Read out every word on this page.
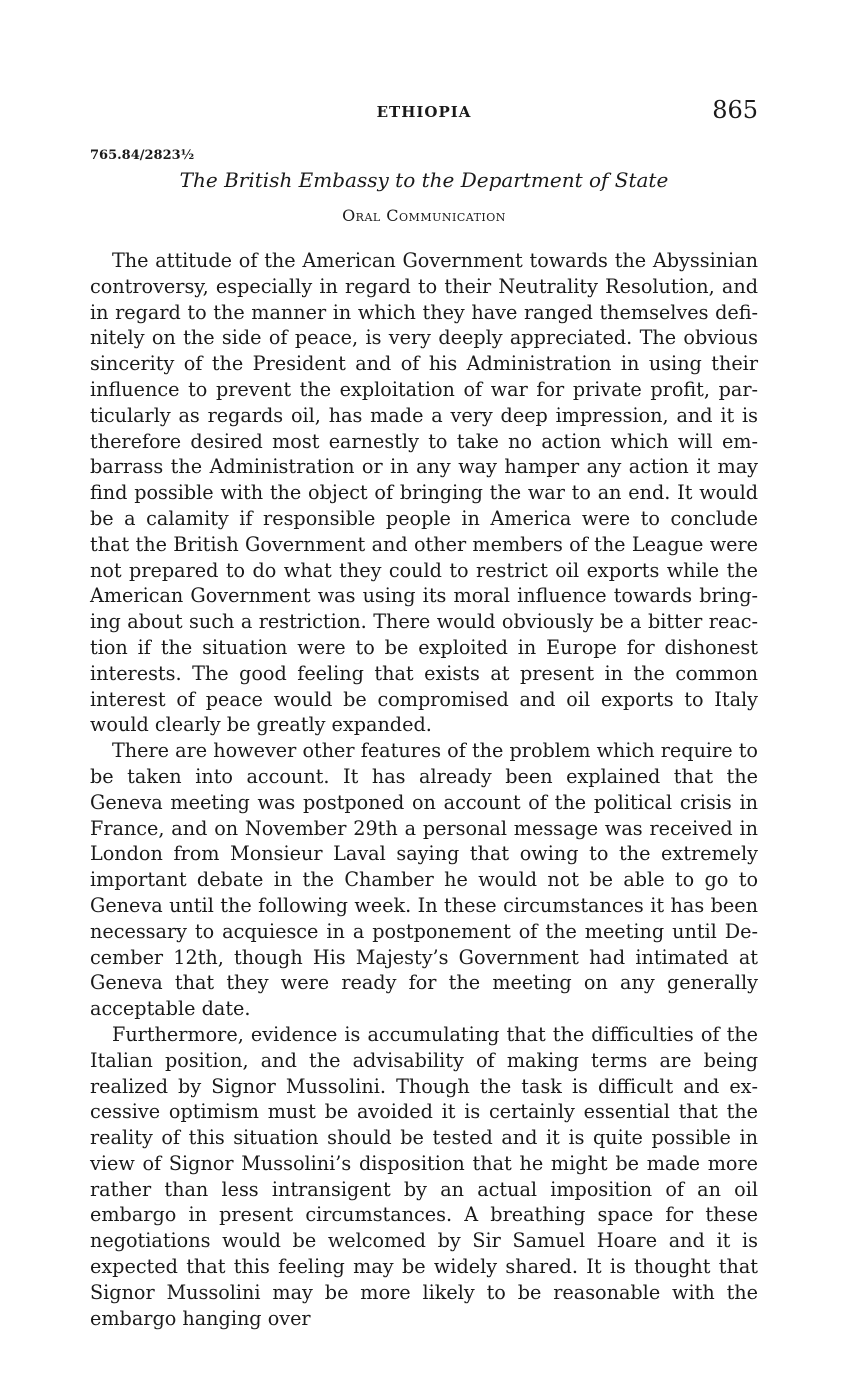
ETHIOPIA	865
765.84/2823½
The British Embassy to the Department of State
Oral Communication

The attitude of the American Government towards the Abyssinian controversy, especially in regard to their Neutrality Resolution, and in regard to the manner in which they have ranged themselves definitely on the side of peace, is very deeply appreciated. The obvious sincerity of the President and of his Administration in using their influence to prevent the exploitation of war for private profit, particularly as regards oil, has made a very deep impression, and it is therefore desired most earnestly to take no action which will embarrass the Administration or in any way hamper any action it may find possible with the object of bringing the war to an end. It would be a calamity if responsible people in America were to conclude that the British Government and other members of the League were not prepared to do what they could to restrict oil exports while the American Government was using its moral influence towards bringing about such a restriction. There would obviously be a bitter reaction if the situation were to be exploited in Europe for dishonest interests. The good feeling that exists at present in the common interest of peace would be compromised and oil exports to Italy would clearly be greatly expanded.

There are however other features of the problem which require to be taken into account. It has already been explained that the Geneva meeting was postponed on account of the political crisis in France, and on November 29th a personal message was received in London from Monsieur Laval saying that owing to the extremely important debate in the Chamber he would not be able to go to Geneva until the following week. In these circumstances it has been necessary to acquiesce in a postponement of the meeting until December 12th, though His Majesty’s Government had intimated at Geneva that they were ready for the meeting on any generally acceptable date.

Furthermore, evidence is accumulating that the difficulties of the Italian position, and the advisability of making terms are being realized by Signor Mussolini. Though the task is difficult and excessive optimism must be avoided it is certainly essential that the reality of this situation should be tested and it is quite possible in view of Signor Mussolini’s disposition that he might be made more rather than less intransigent by an actual imposition of an oil embargo in present circumstances. A breathing space for these negotiations would be welcomed by Sir Samuel Hoare and it is expected that this feeling may be widely shared. It is thought that Signor Mussolini may be more likely to be reasonable with the embargo hanging over
